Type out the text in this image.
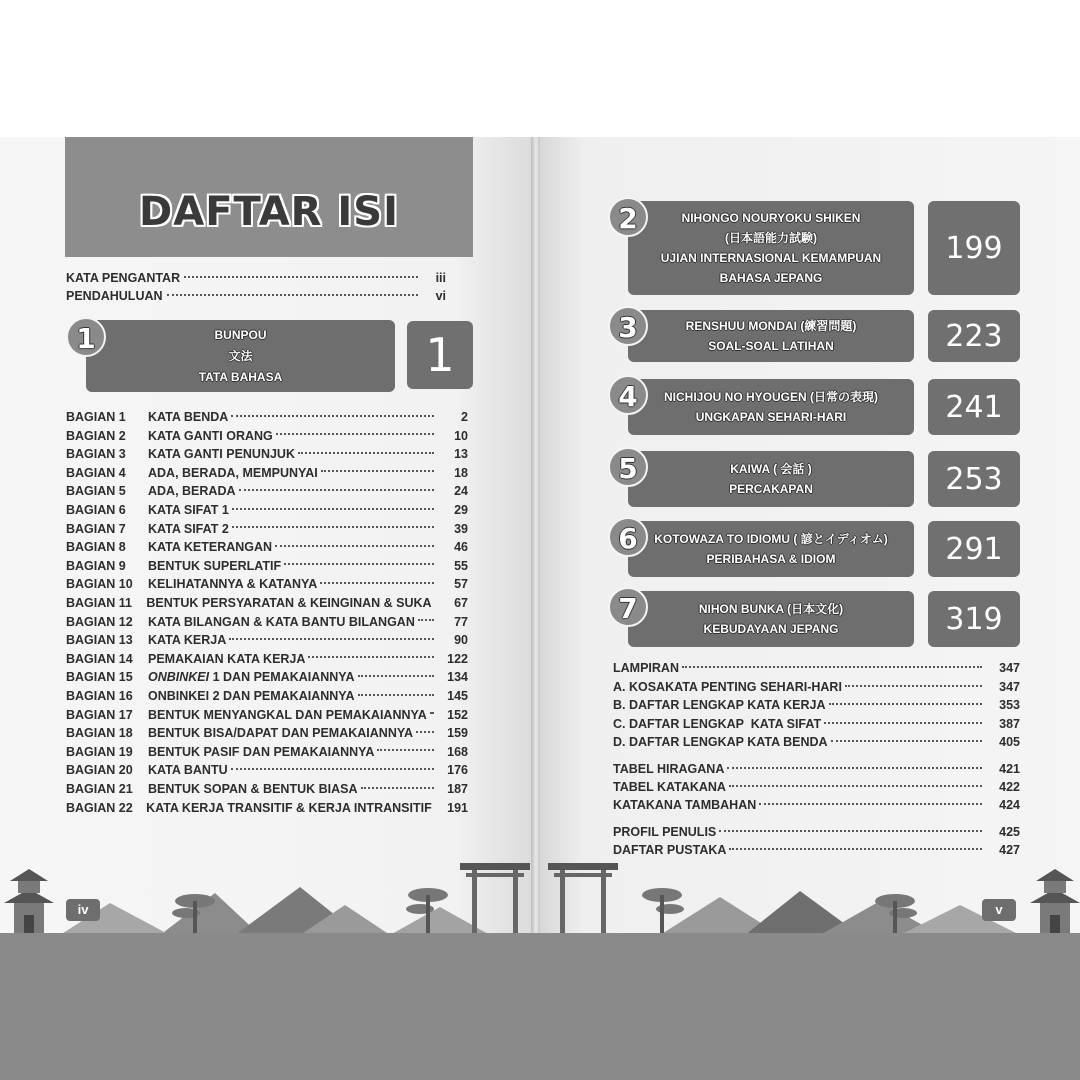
DAFTAR ISI
KATA PENGANTAR	iii
PENDAHULUAN	vi
1	BUNPOU
文法
TATA BAHASA	1
BAGIAN 1	KATA BENDA	2
BAGIAN 2	KATA GANTI ORANG	10
BAGIAN 3	KATA GANTI PENUNJUK	13
BAGIAN 4	ADA, BERADA, MEMPUNYAI	18
BAGIAN 5	ADA, BERADA	24
BAGIAN 6	KATA SIFAT 1	29
BAGIAN 7	KATA SIFAT 2	39
BAGIAN 8	KATA KETERANGAN	46
BAGIAN 9	BENTUK SUPERLATIF	55
BAGIAN 10	KELIHATANNYA & KATANYA	57
BAGIAN 11	BENTUK PERSYARATAN & KEINGINAN & SUKA	67
BAGIAN 12	KATA BILANGAN & KATA BANTU BILANGAN	77
BAGIAN 13	KATA KERJA	90
BAGIAN 14	PEMAKAIAN KATA KERJA	122
BAGIAN 15	ONBINKEI 1 DAN PEMAKAIANNYA	134
BAGIAN 16	ONBINKEI 2 DAN PEMAKAIANNYA	145
BAGIAN 17	BENTUK MENYANGKAL DAN PEMAKAIANNYA	152
BAGIAN 18	BENTUK BISA/DAPAT DAN PEMAKAIANNYA	159
BAGIAN 19	BENTUK PASIF DAN PEMAKAIANNYA	168
BAGIAN 20	KATA BANTU	176
BAGIAN 21	BENTUK SOPAN & BENTUK BIASA	187
BAGIAN 22	KATA KERJA TRANSITIF & KERJA INTRANSITIF	191
2	NIHONGO NOURYOKU SHIKEN
(日本語能力試験)
UJIAN INTERNASIONAL KEMAMPUAN
BAHASA JEPANG
199
3	RENSHUU MONDAI (練習問題)
SOAL-SOAL LATIHAN	223
4	NICHIJOU NO HYOUGEN (日常の表現)
UNGKAPAN SEHARI-HARI	241
5	KAIWA ( 会話 )
PERCAKAPAN	253
6	KOTOWAZA TO IDIOMU ( 諺とイディオム)
PERIBAHASA & IDIOM	291
7	NIHON BUNKA (日本文化)
KEBUDAYAAN JEPANG	319
LAMPIRAN	347
A. KOSAKATA PENTING SEHARI-HARI	347
B. DAFTAR LENGKAP KATA KERJA	353
C. DAFTAR LENGKAP  KATA SIFAT	387
D. DAFTAR LENGKAP KATA BENDA	405
TABEL HIRAGANA	421
TABEL KATAKANA	422
KATAKANA TAMBAHAN	424
PROFIL PENULIS	425
DAFTAR PUSTAKA	427
iv	v
